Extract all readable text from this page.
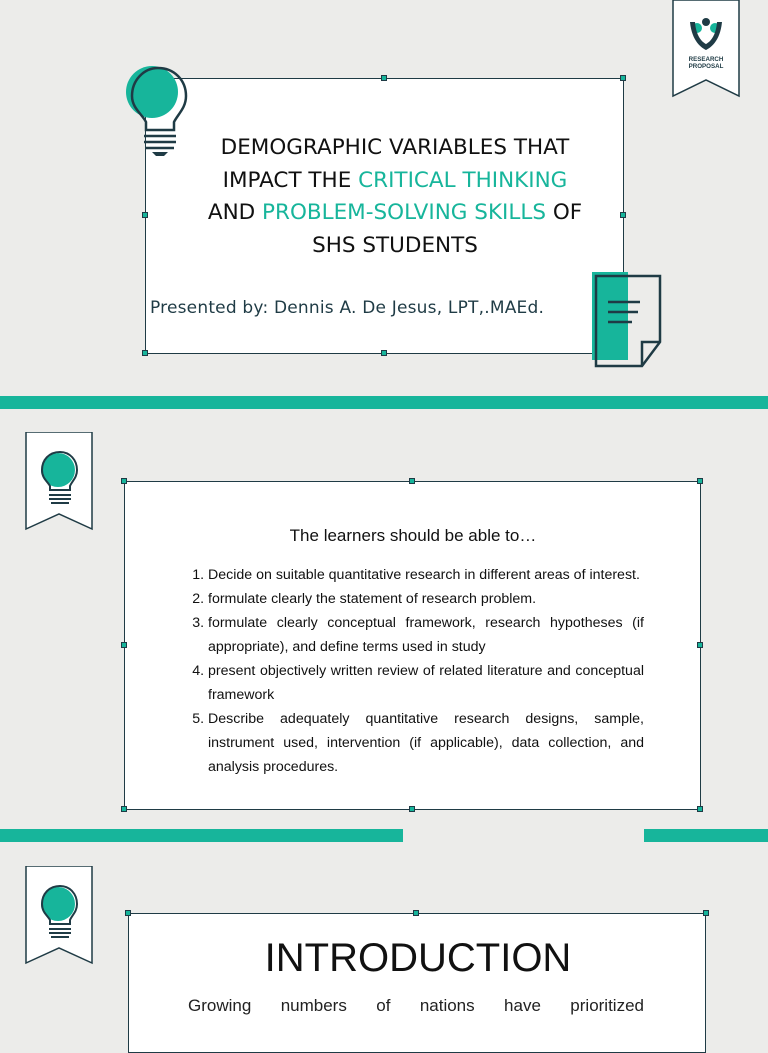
RESEARCH
PROPOSAL
DEMOGRAPHIC VARIABLES THAT
IMPACT THE CRITICAL THINKING
AND PROBLEM-SOLVING SKILLS OF
SHS STUDENTS
Presented by: Dennis A. De Jesus, LPT,.MAEd.
The learners should be able to…
1. Decide on suitable quantitative research in different areas of interest.
2. formulate clearly the statement of research problem.
3. formulate clearly conceptual framework, research hypotheses (if appropriate), and define terms used in study
4. present objectively written review of related literature and conceptual framework
5. Describe adequately quantitative research designs, sample, instrument used, intervention (if applicable), data collection, and analysis procedures.
INTRODUCTION
Growing numbers of nations have prioritized
